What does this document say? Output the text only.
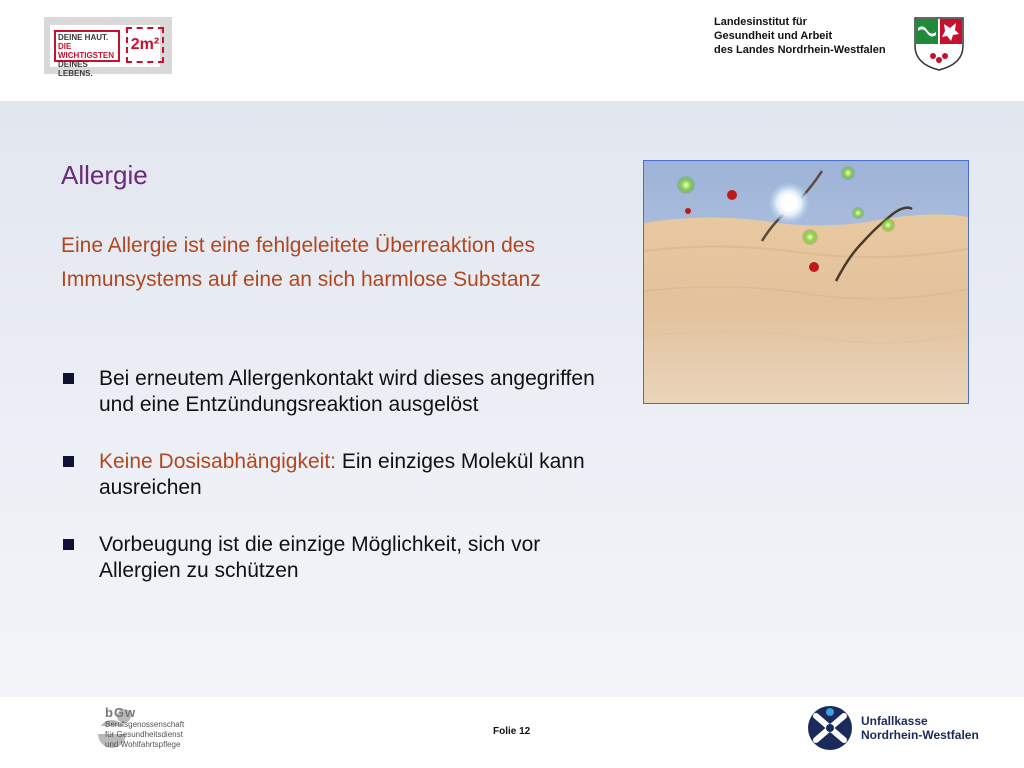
DEINE HAUT.
DIE WICHTIGSTEN
DEINES LEBENS.
2m²
Landesinstitut für
Gesundheit und Arbeit
des Landes Nordrhein-Westfalen
Allergie
Eine Allergie ist eine fehlgeleitete Überreaktion des Immunsystems auf eine an sich harmlose Substanz
Bei erneutem Allergenkontakt wird dieses angegriffen und eine Entzündungsreaktion ausgelöst
Keine Dosisabhängigkeit: Ein einziges Molekül kann ausreichen
Vorbeugung ist die einzige Möglichkeit, sich vor Allergien zu schützen
bGw
Berufsgenossenschaft
für Gesundheitsdienst
und Wohlfahrtspflege
Folie 12
Unfallkasse
Nordrhein-Westfalen
